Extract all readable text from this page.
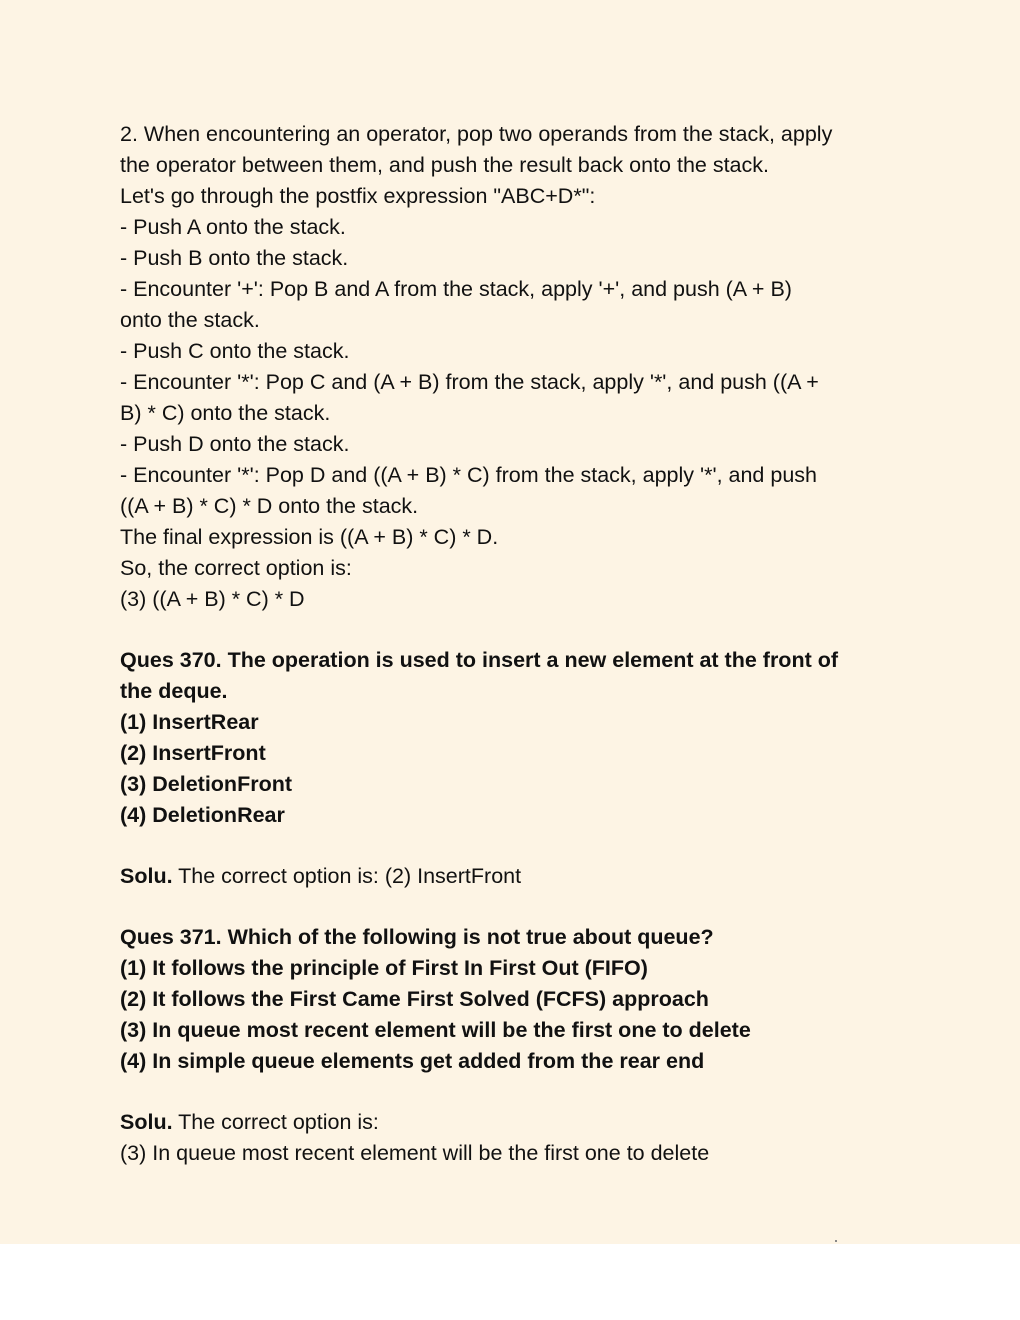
2. When encountering an operator, pop two operands from the stack, apply

the operator between them, and push the result back onto the stack.

Let's go through the postfix expression "ABC+D*":

- Push A onto the stack.

- Push B onto the stack.

- Encounter '+': Pop B and A from the stack, apply '+', and push (A + B)

onto the stack.

- Push C onto the stack.

- Encounter '*': Pop C and (A + B) from the stack, apply '*', and push ((A +

B) * C) onto the stack.

- Push D onto the stack.

- Encounter '*': Pop D and ((A + B) * C) from the stack, apply '*', and push

((A + B) * C) * D onto the stack.

The final expression is ((A + B) * C) * D.

So, the correct option is:

(3) ((A + B) * C) * D

Ques 370. The operation is used to insert a new element at the front of

the deque.

(1) InsertRear

(2) InsertFront

(3) DeletionFront

(4) DeletionRear

Solu. The correct option is: (2) InsertFront

Ques 371. Which of the following is not true about queue?

(1) It follows the principle of First In First Out (FIFO)

(2) It follows the First Came First Solved (FCFS) approach

(3) In queue most recent element will be the first one to delete

(4) In simple queue elements get added from the rear end

Solu. The correct option is:

(3) In queue most recent element will be the first one to delete
